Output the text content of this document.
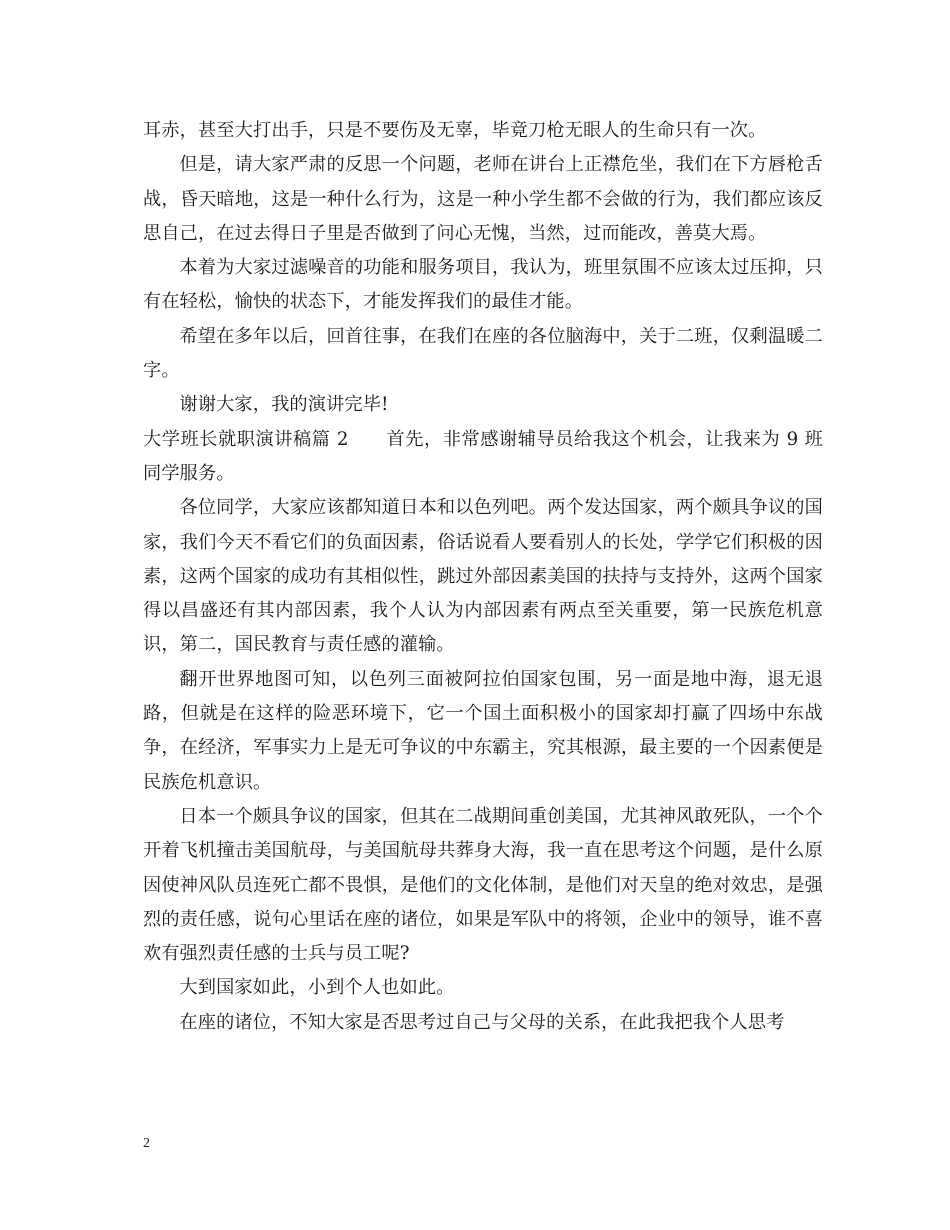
耳赤，甚至大打出手，只是不要伤及无辜，毕竟刀枪无眼人的生命只有一次。

但是，请大家严肃的反思一个问题，老师在讲台上正襟危坐，我们在下方唇枪舌战，昏天暗地，这是一种什么行为，这是一种小学生都不会做的行为，我们都应该反思自己，在过去得日子里是否做到了问心无愧，当然，过而能改，善莫大焉。

本着为大家过滤噪音的功能和服务项目，我认为，班里氛围不应该太过压抑，只有在轻松，愉快的状态下，才能发挥我们的最佳才能。

希望在多年以后，回首往事，在我们在座的各位脑海中，关于二班，仅剩温暖二字。

谢谢大家，我的演讲完毕!

大学班长就职演讲稿篇 2　　首先，非常感谢辅导员给我这个机会，让我来为 9 班同学服务。

各位同学，大家应该都知道日本和以色列吧。两个发达国家，两个颇具争议的国家，我们今天不看它们的负面因素，俗话说看人要看别人的长处，学学它们积极的因素，这两个国家的成功有其相似性，跳过外部因素美国的扶持与支持外，这两个国家得以昌盛还有其内部因素，我个人认为内部因素有两点至关重要，第一民族危机意识，第二，国民教育与责任感的灌输。

翻开世界地图可知，以色列三面被阿拉伯国家包围，另一面是地中海，退无退路，但就是在这样的险恶环境下，它一个国土面积极小的国家却打赢了四场中东战争，在经济，军事实力上是无可争议的中东霸主，究其根源，最主要的一个因素便是民族危机意识。

日本一个颇具争议的国家，但其在二战期间重创美国，尤其神风敢死队，一个个开着飞机撞击美国航母，与美国航母共葬身大海，我一直在思考这个问题，是什么原因使神风队员连死亡都不畏惧，是他们的文化体制，是他们对天皇的绝对效忠，是强烈的责任感，说句心里话在座的诸位，如果是军队中的将领，企业中的领导，谁不喜欢有强烈责任感的士兵与员工呢?

大到国家如此，小到个人也如此。

在座的诸位，不知大家是否思考过自己与父母的关系，在此我把我个人思考

2
